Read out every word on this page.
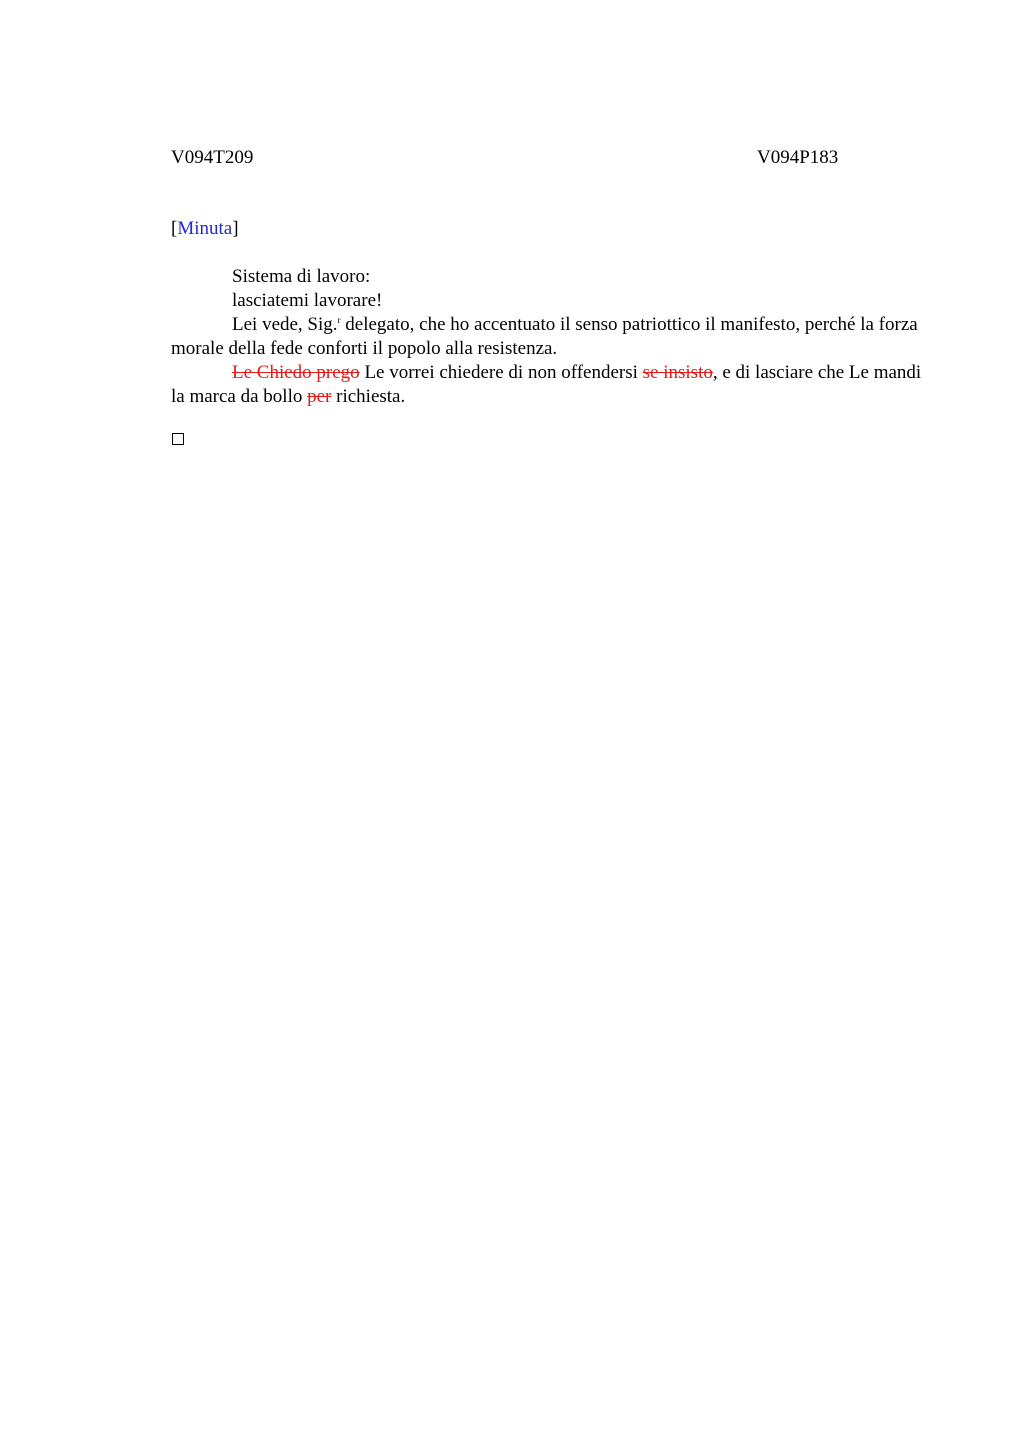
V094T209	V094P183
[Minuta]

Sistema di lavoro:

lasciatemi lavorare!

Lei vede, Sig.$^r$ delegato, che ho accentuato il senso patriottico il manifesto, perché la forza morale della fede conforti il popolo alla resistenza.

Le Chiedo prego Le vorrei chiedere di non offendersi se insisto, e di lasciare che Le mandi la marca da bollo per richiesta.
